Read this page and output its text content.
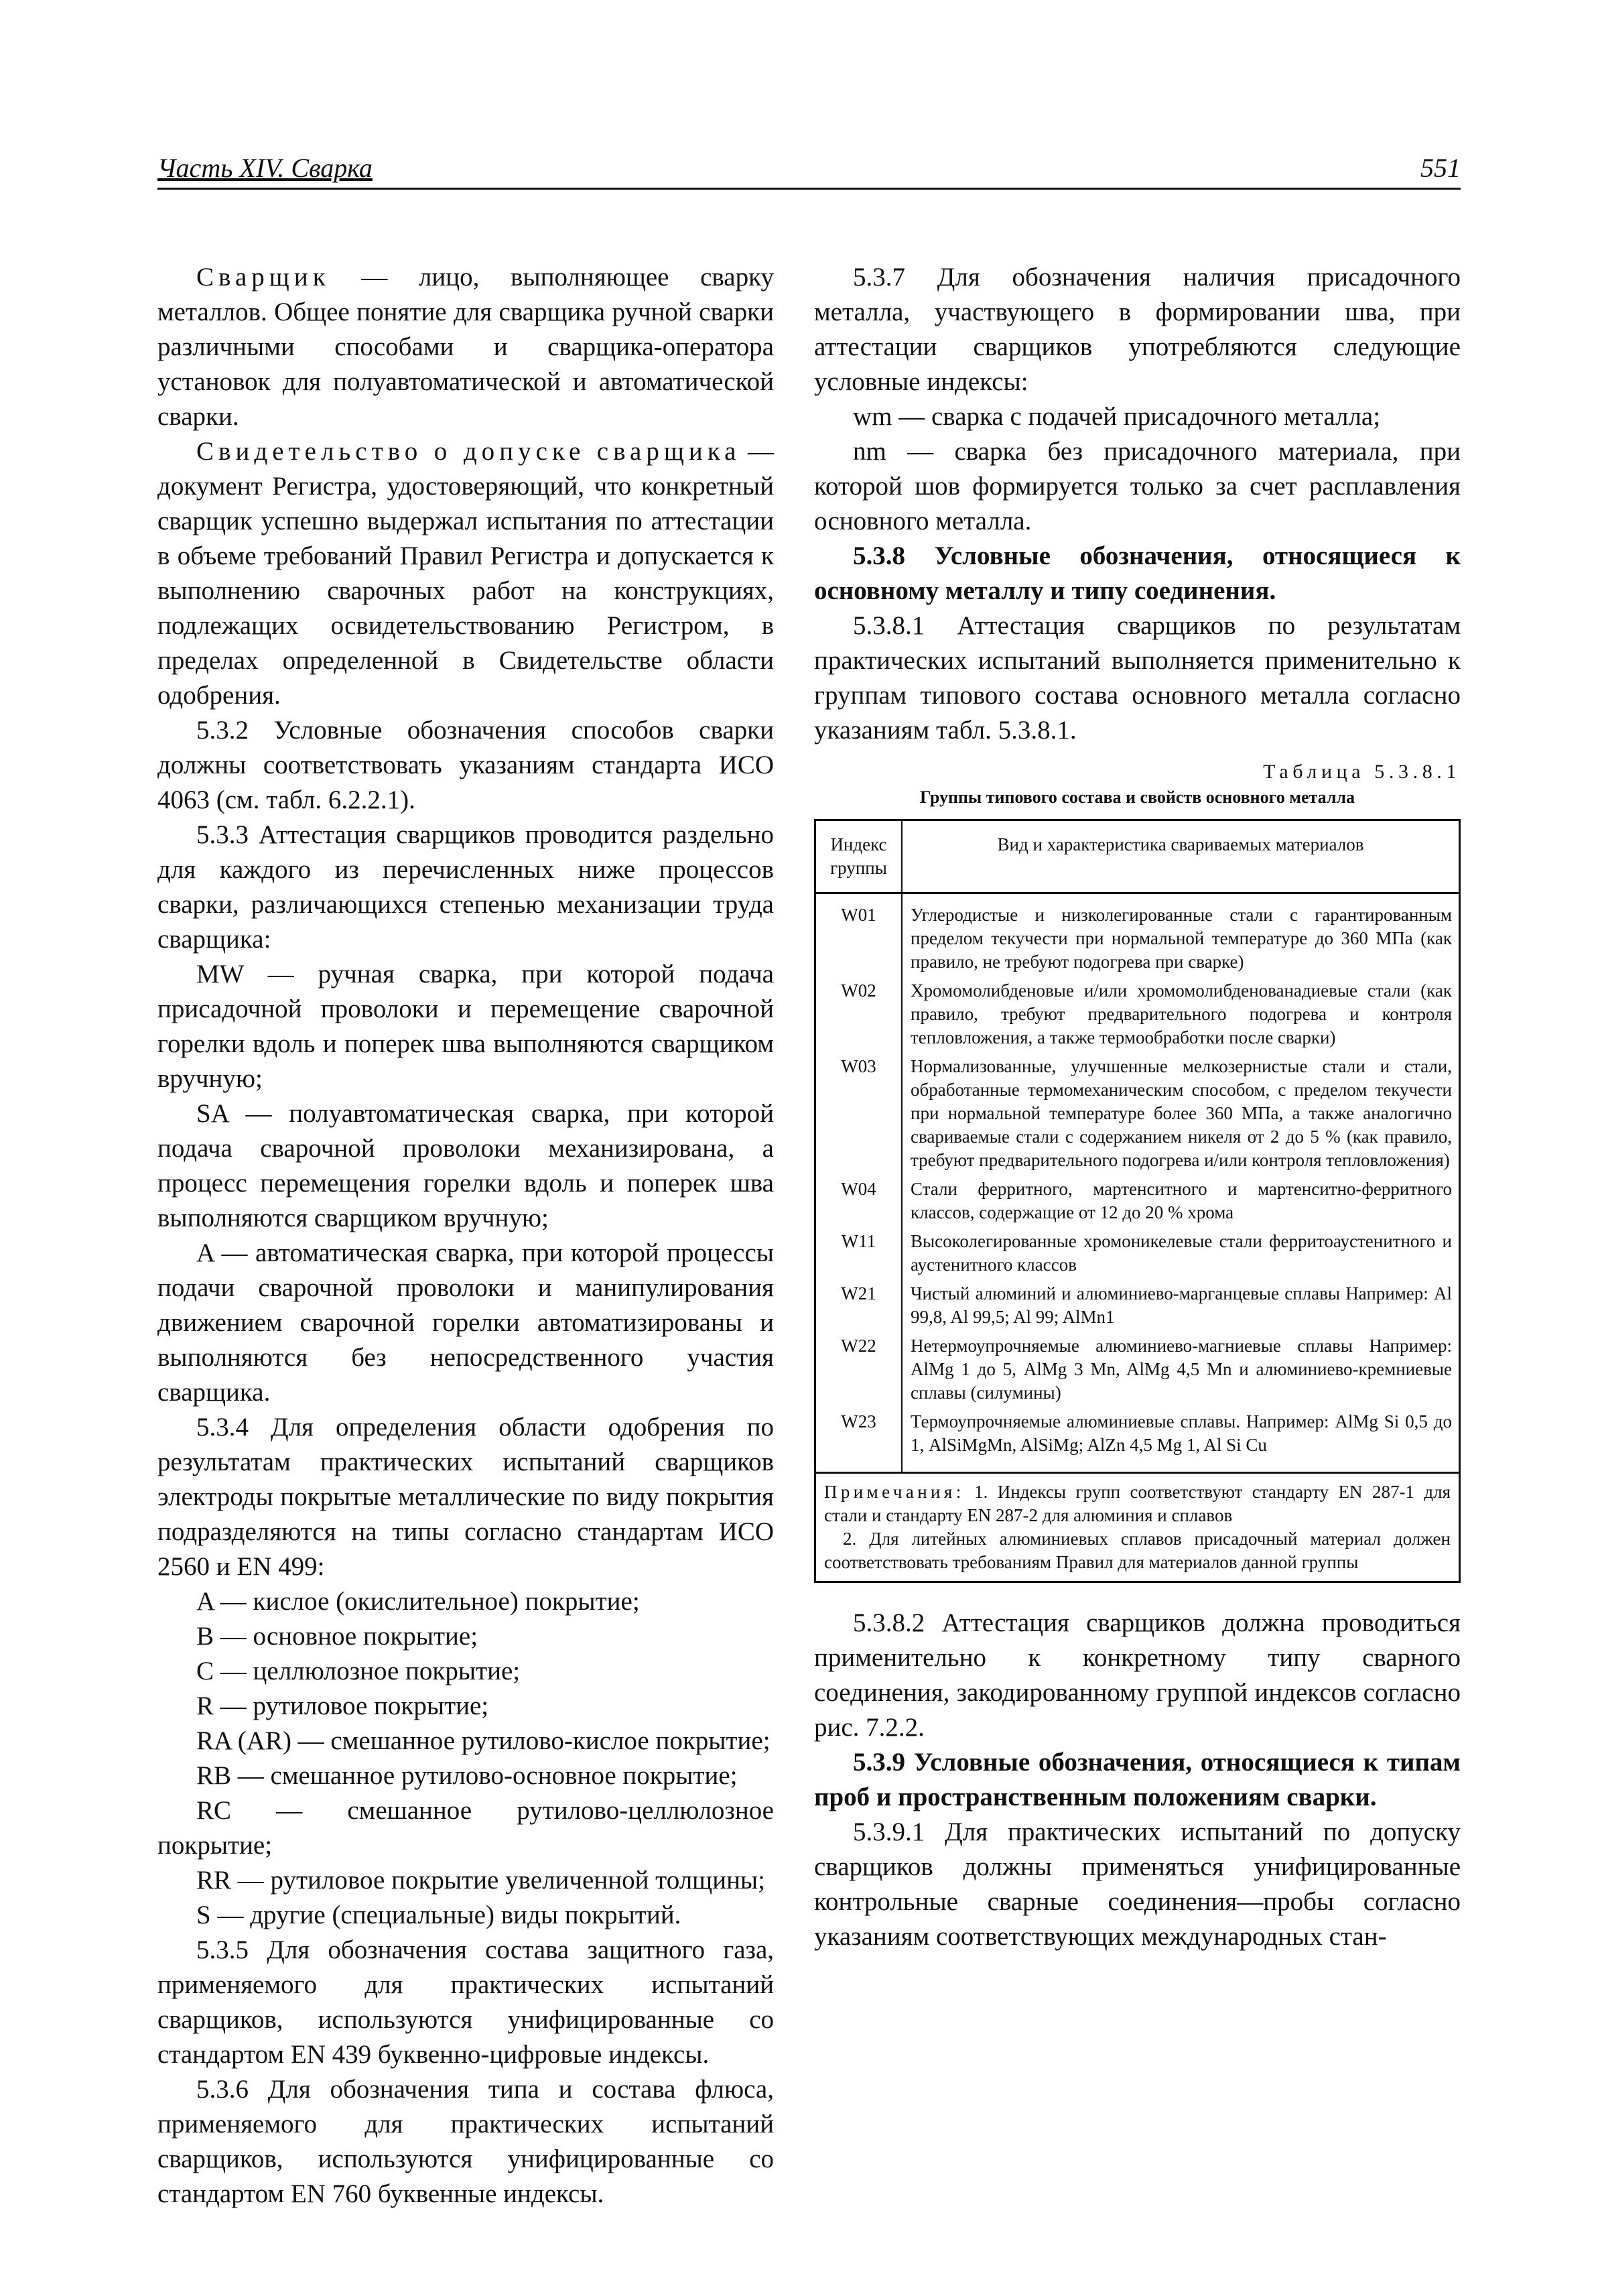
Часть XIV. Сварка	551

Сварщик — лицо, выполняющее сварку металлов. Общее понятие для сварщика ручной сварки различными способами и сварщика-оператора установок для полуавтоматической и автоматической сварки.

Свидетельство о допуске сварщика — документ Регистра, удостоверяющий, что конкретный сварщик успешно выдержал испытания по аттестации в объеме требований Правил Регистра и допускается к выполнению сварочных работ на конструкциях, подлежащих освидетельствованию Регистром, в пределах определенной в Свидетельстве области одобрения.

5.3.2 Условные обозначения способов сварки должны соответствовать указаниям стандарта ИСО 4063 (см. табл. 6.2.2.1).

5.3.3 Аттестация сварщиков проводится раздельно для каждого из перечисленных ниже процессов сварки, различающихся степенью механизации труда сварщика:

MW — ручная сварка, при которой подача присадочной проволоки и перемещение сварочной горелки вдоль и поперек шва выполняются сварщиком вручную;

SA — полуавтоматическая сварка, при которой подача сварочной проволоки механизирована, а процесс перемещения горелки вдоль и поперек шва выполняются сварщиком вручную;

A — автоматическая сварка, при которой процессы подачи сварочной проволоки и манипулирования движением сварочной горелки автоматизированы и выполняются без непосредственного участия сварщика.

5.3.4 Для определения области одобрения по результатам практических испытаний сварщиков электроды покрытые металлические по виду покрытия подразделяются на типы согласно стандартам ИСО 2560 и EN 499:

A — кислое (окислительное) покрытие;

B — основное покрытие;

C — целлюлозное покрытие;

R — рутиловое покрытие;

RA (AR) — смешанное рутилово-кислое покрытие;

RB — смешанное рутилово-основное покрытие;

RC — смешанное рутилово-целлюлозное покрытие;

RR — рутиловое покрытие увеличенной толщины;

S — другие (специальные) виды покрытий.

5.3.5 Для обозначения состава защитного газа, применяемого для практических испытаний сварщиков, используются унифицированные со стандартом EN 439 буквенно-цифровые индексы.

5.3.6 Для обозначения типа и состава флюса, применяемого для практических испытаний сварщиков, используются унифицированные со стандартом EN 760 буквенные индексы.

5.3.7 Для обозначения наличия присадочного металла, участвующего в формировании шва, при аттестации сварщиков употребляются следующие условные индексы:

wm — сварка с подачей присадочного металла;

nm — сварка без присадочного материала, при которой шов формируется только за счет расплавления основного металла.

5.3.8 Условные обозначения, относящиеся к основному металлу и типу соединения.

5.3.8.1 Аттестация сварщиков по результатам практических испытаний выполняется применительно к группам типового состава основного металла согласно указаниям табл. 5.3.8.1.

Таблица 5.3.8.1
Группы типового состава и свойств основного металла
Индекс группы	Вид и характеристика свариваемых материалов
W01	Углеродистые и низколегированные стали с гарантированным пределом текучести при нормальной температуре до 360 МПа (как правило, не требуют подогрева при сварке)
W02	Хромомолибденовые и/или хромомолибденованадиевые стали (как правило, требуют предварительного подогрева и контроля тепловложения, а также термообработки после сварки)
W03	Нормализованные, улучшенные мелкозернистые стали и стали, обработанные термомеханическим способом, с пределом текучести при нормальной температуре более 360 МПа, а также аналогично свариваемые стали с содержанием никеля от 2 до 5 % (как правило, требуют предварительного подогрева и/или контроля тепловложения)
W04	Стали ферритного, мартенситного и мартенситно-ферритного классов, содержащие от 12 до 20 % хрома
W11	Высоколегированные хромоникелевые стали ферритоаустенитного и аустенитного классов
W21	Чистый алюминий и алюминиево-марганцевые сплавы Например: Al 99,8, Al 99,5; Al 99; AlMn1
W22	Нетермоупрочняемые алюминиево-магниевые сплавы Например: AlMg 1 до 5, AlMg 3 Mn, AlMg 4,5 Mn и алюминиево-кремниевые сплавы (силумины)
W23	Термоупрочняемые алюминиевые сплавы. Например: AlMg Si 0,5 до 1, AlSiMgMn, AlSiMg; AlZn 4,5 Mg 1, Al Si Cu

Примечания: 1. Индексы групп соответствуют стандарту EN 287-1 для стали и стандарту EN 287-2 для алюминия и сплавов

2. Для литейных алюминиевых сплавов присадочный материал должен соответствовать требованиям Правил для материалов данной группы	

5.3.8.2 Аттестация сварщиков должна проводиться применительно к конкретному типу сварного соединения, закодированному группой индексов согласно рис. 7.2.2.

5.3.9 Условные обозначения, относящиеся к типам проб и пространственным положениям сварки.

5.3.9.1 Для практических испытаний по допуску сварщиков должны применяться унифицированные контрольные сварные соединения—пробы согласно указаниям соответствующих международных стан-
